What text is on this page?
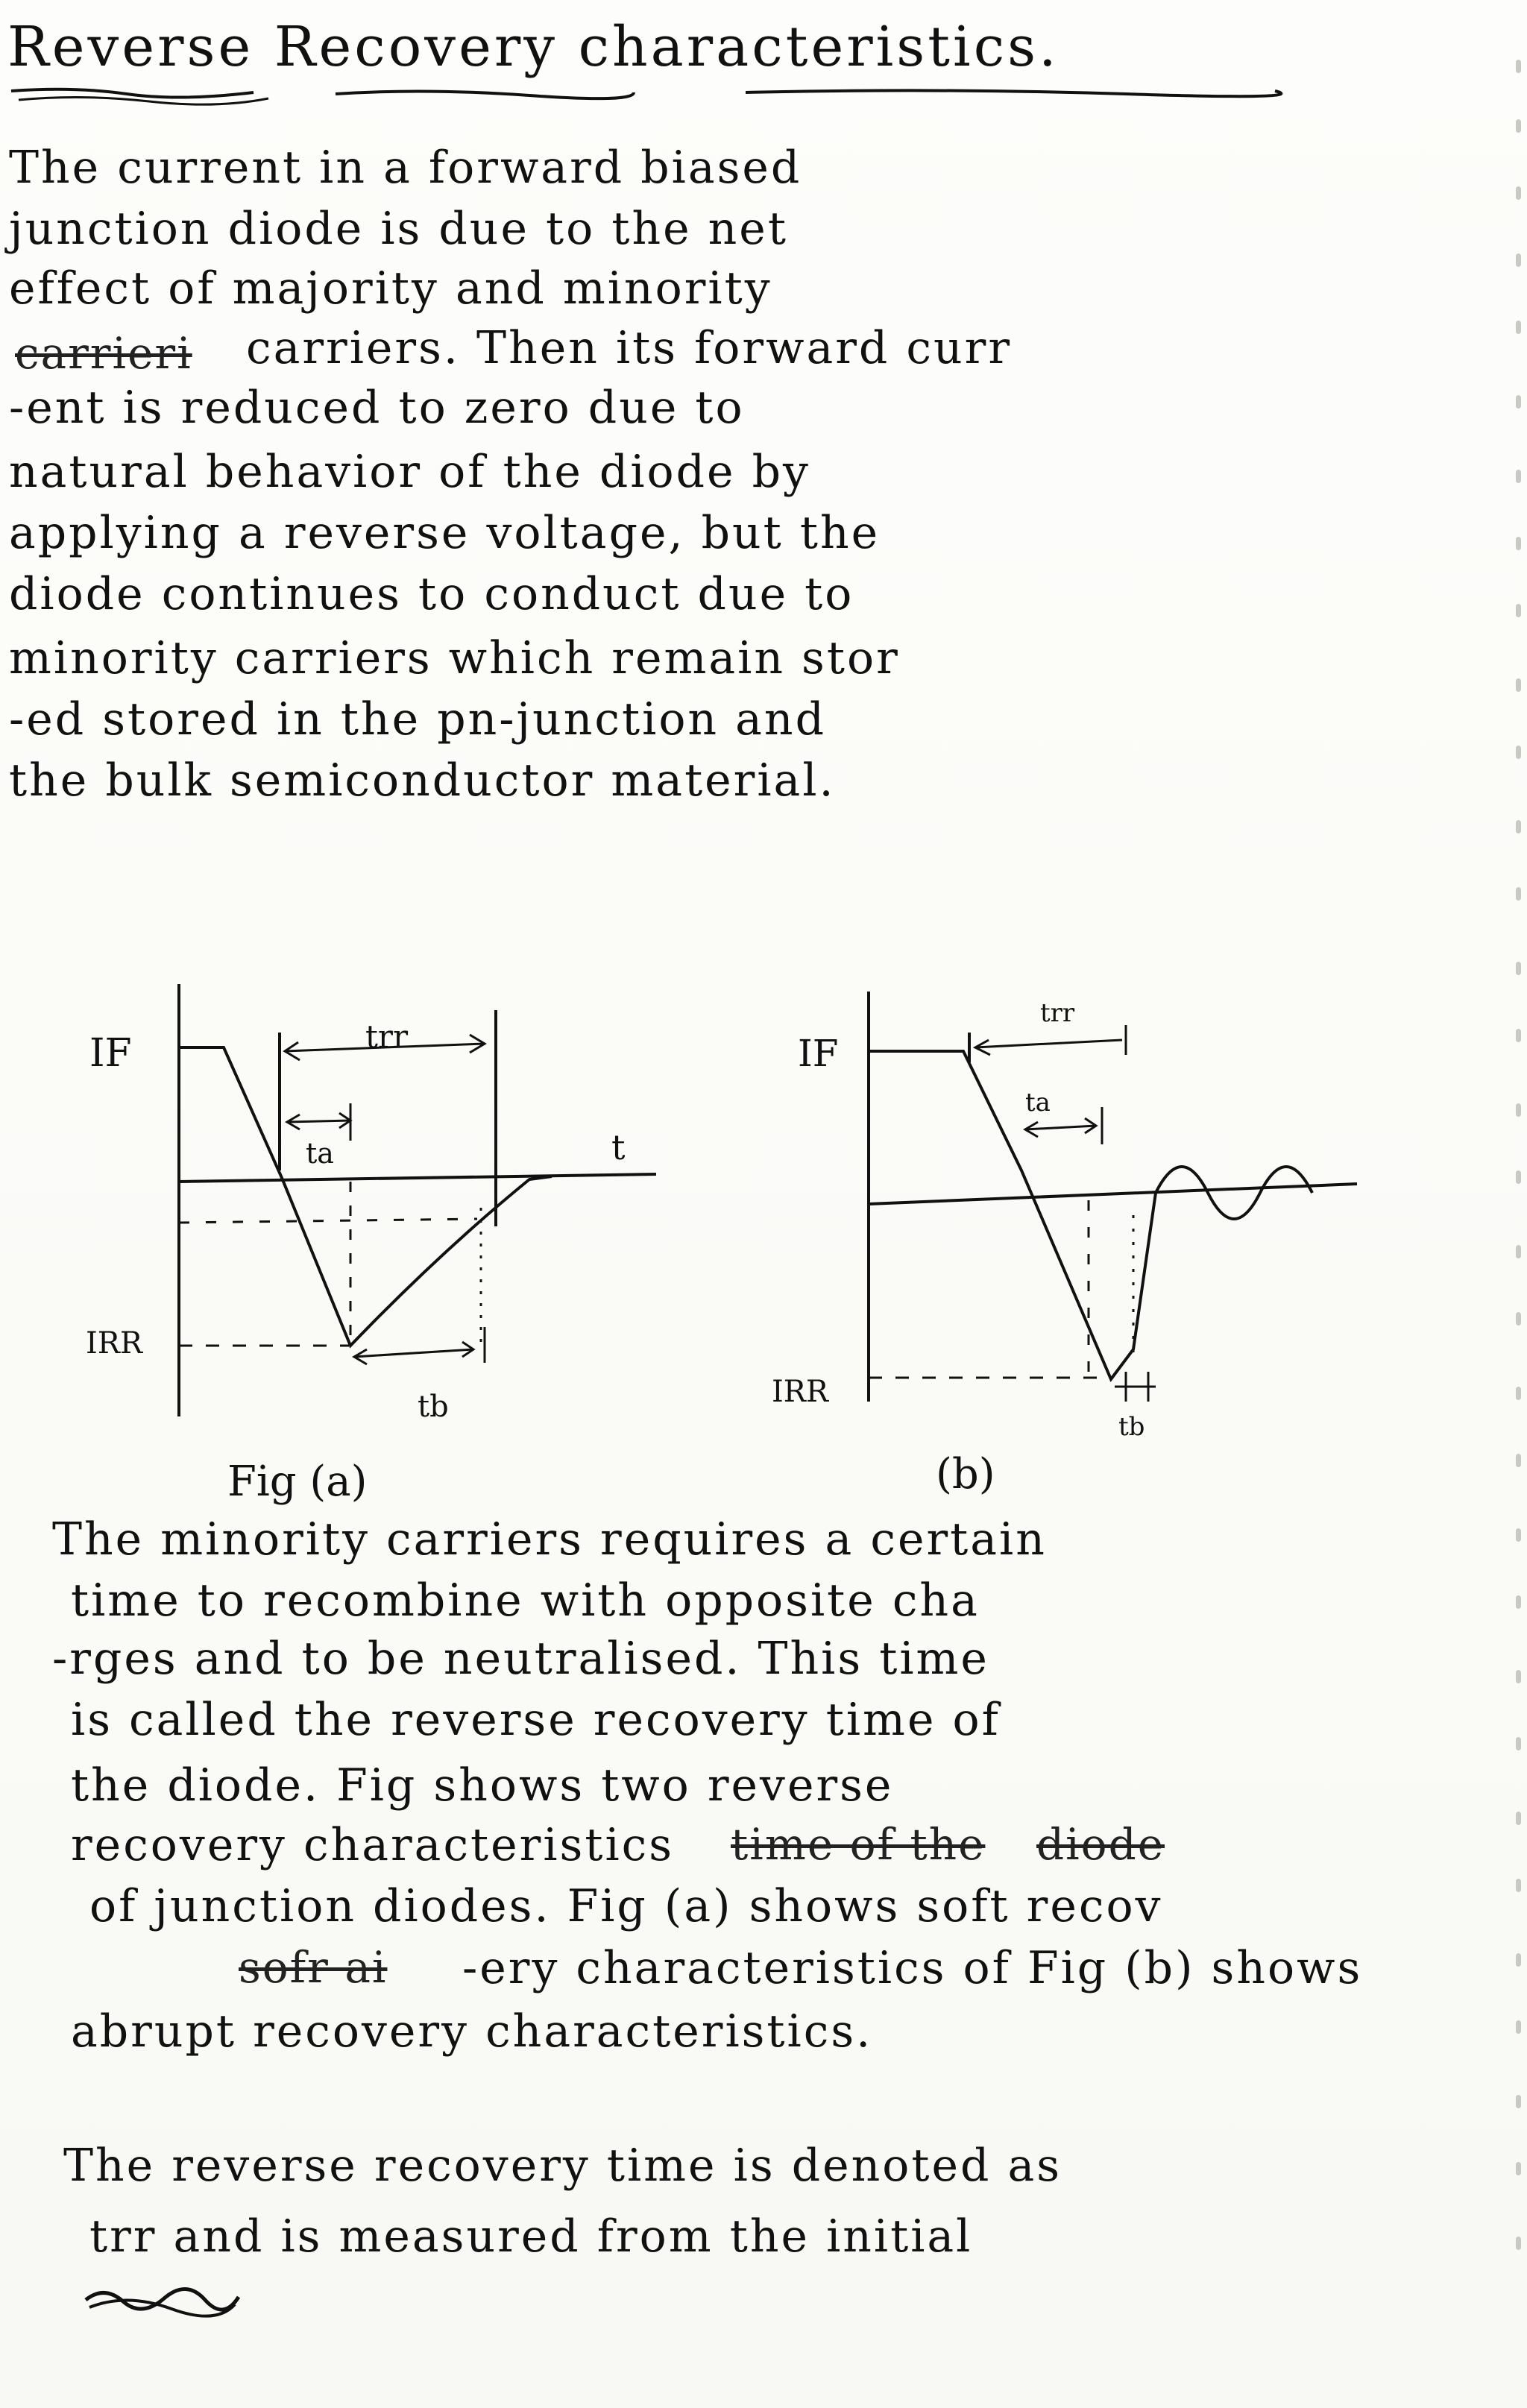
Reverse Recovery characteristics.
The current in a forward biased
junction diode is due to the net
effect of majority and minority
carrieri carriers. Then its forward curr
-ent is reduced to zero due to
natural behavior of the diode by
applying a reverse voltage, but the
diode continues to conduct due to
minority carriers which remain stor
-ed stored in the pn-junction and
the bulk semiconductor material.
IF
IRR
trr
ta
tb
t
Fig (a)
IF
IRR
trr
ta
tb
(b)
The minority carriers requires a certain
time to recombine with opposite cha
-rges and to be neutralised. This time
is called the reverse recovery time of
the diode. Fig shows two reverse
recovery characteristics time of the diode
of junction diodes. Fig (a) shows soft recov
sofr ai -ery characteristics of Fig (b) shows
abrupt recovery characteristics.
The reverse recovery time is denoted as
trr and is measured from the initial
